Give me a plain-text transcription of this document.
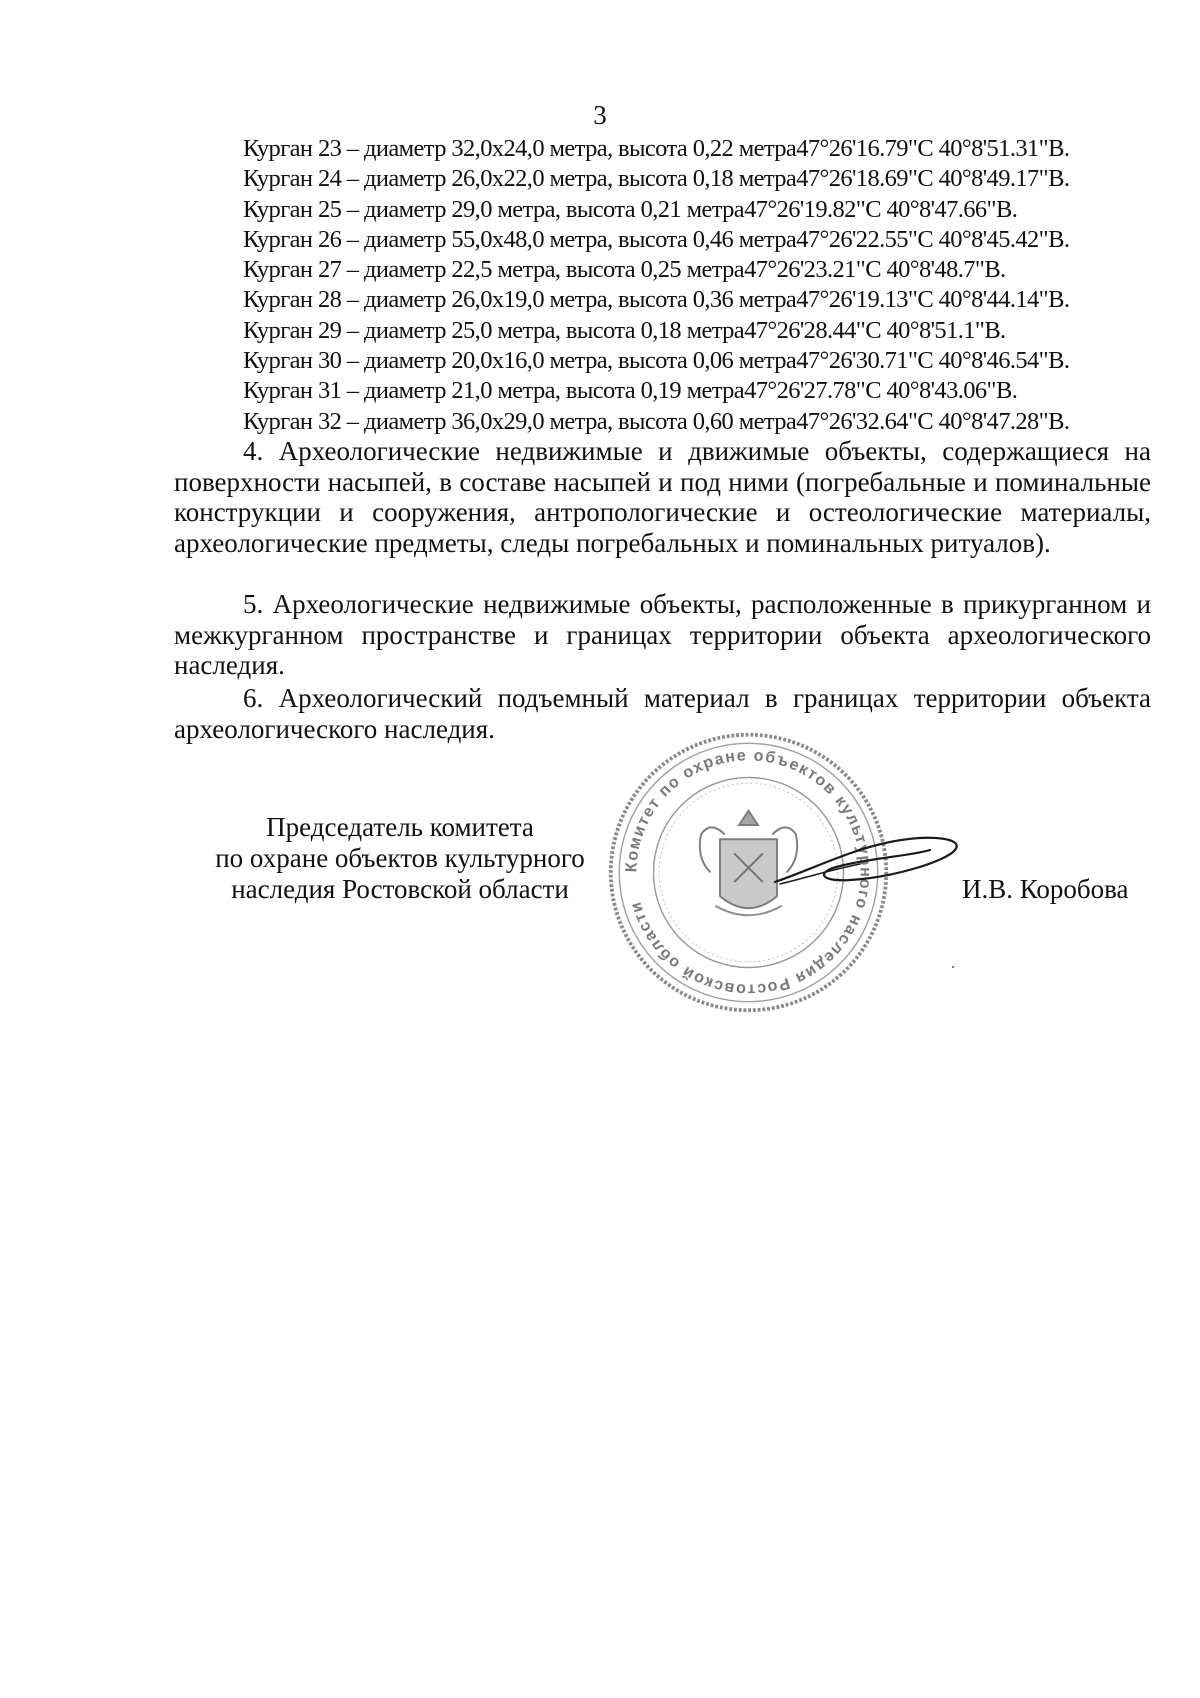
3
Курган 23 – диаметр 32,0х24,0 метра, высота 0,22 метра47°26'16.79"С 40°8'51.31"В.
Курган 24 – диаметр 26,0х22,0 метра, высота 0,18 метра47°26'18.69"С 40°8'49.17"В.
Курган 25 – диаметр 29,0 метра, высота 0,21 метра47°26'19.82"С 40°8'47.66"В.
Курган 26 – диаметр 55,0х48,0 метра, высота 0,46 метра47°26'22.55"С 40°8'45.42"В.
Курган 27 – диаметр 22,5 метра, высота 0,25 метра47°26'23.21"С 40°8'48.7"В.
Курган 28 – диаметр 26,0х19,0 метра, высота 0,36 метра47°26'19.13"С 40°8'44.14"В.
Курган 29 – диаметр 25,0 метра, высота 0,18 метра47°26'28.44"С 40°8'51.1"В.
Курган 30 – диаметр 20,0х16,0 метра, высота 0,06 метра47°26'30.71"С 40°8'46.54"В.
Курган 31 – диаметр 21,0 метра, высота 0,19 метра47°26'27.78"С 40°8'43.06"В.
Курган 32 – диаметр 36,0х29,0 метра, высота 0,60 метра47°26'32.64"С 40°8'47.28"В.
4. Археологические недвижимые и движимые объекты, содержащиеся на поверхности насыпей, в составе насыпей и под ними (погребальные и поминальные конструкции и сооружения, антропологические и остеологические материалы, археологические предметы, следы погребальных и поминальных ритуалов).
5. Археологические недвижимые объекты, расположенные в прикурганном и межкурганном пространстве и границах территории объекта археологического наследия.
6. Археологический подъемный материал в границах территории объекта археологического наследия.
Председатель комитета
по охране объектов культурного
наследия Ростовской области
Комитет по охране объектов культурного наследия Ростовской области
И.В. Коробова
